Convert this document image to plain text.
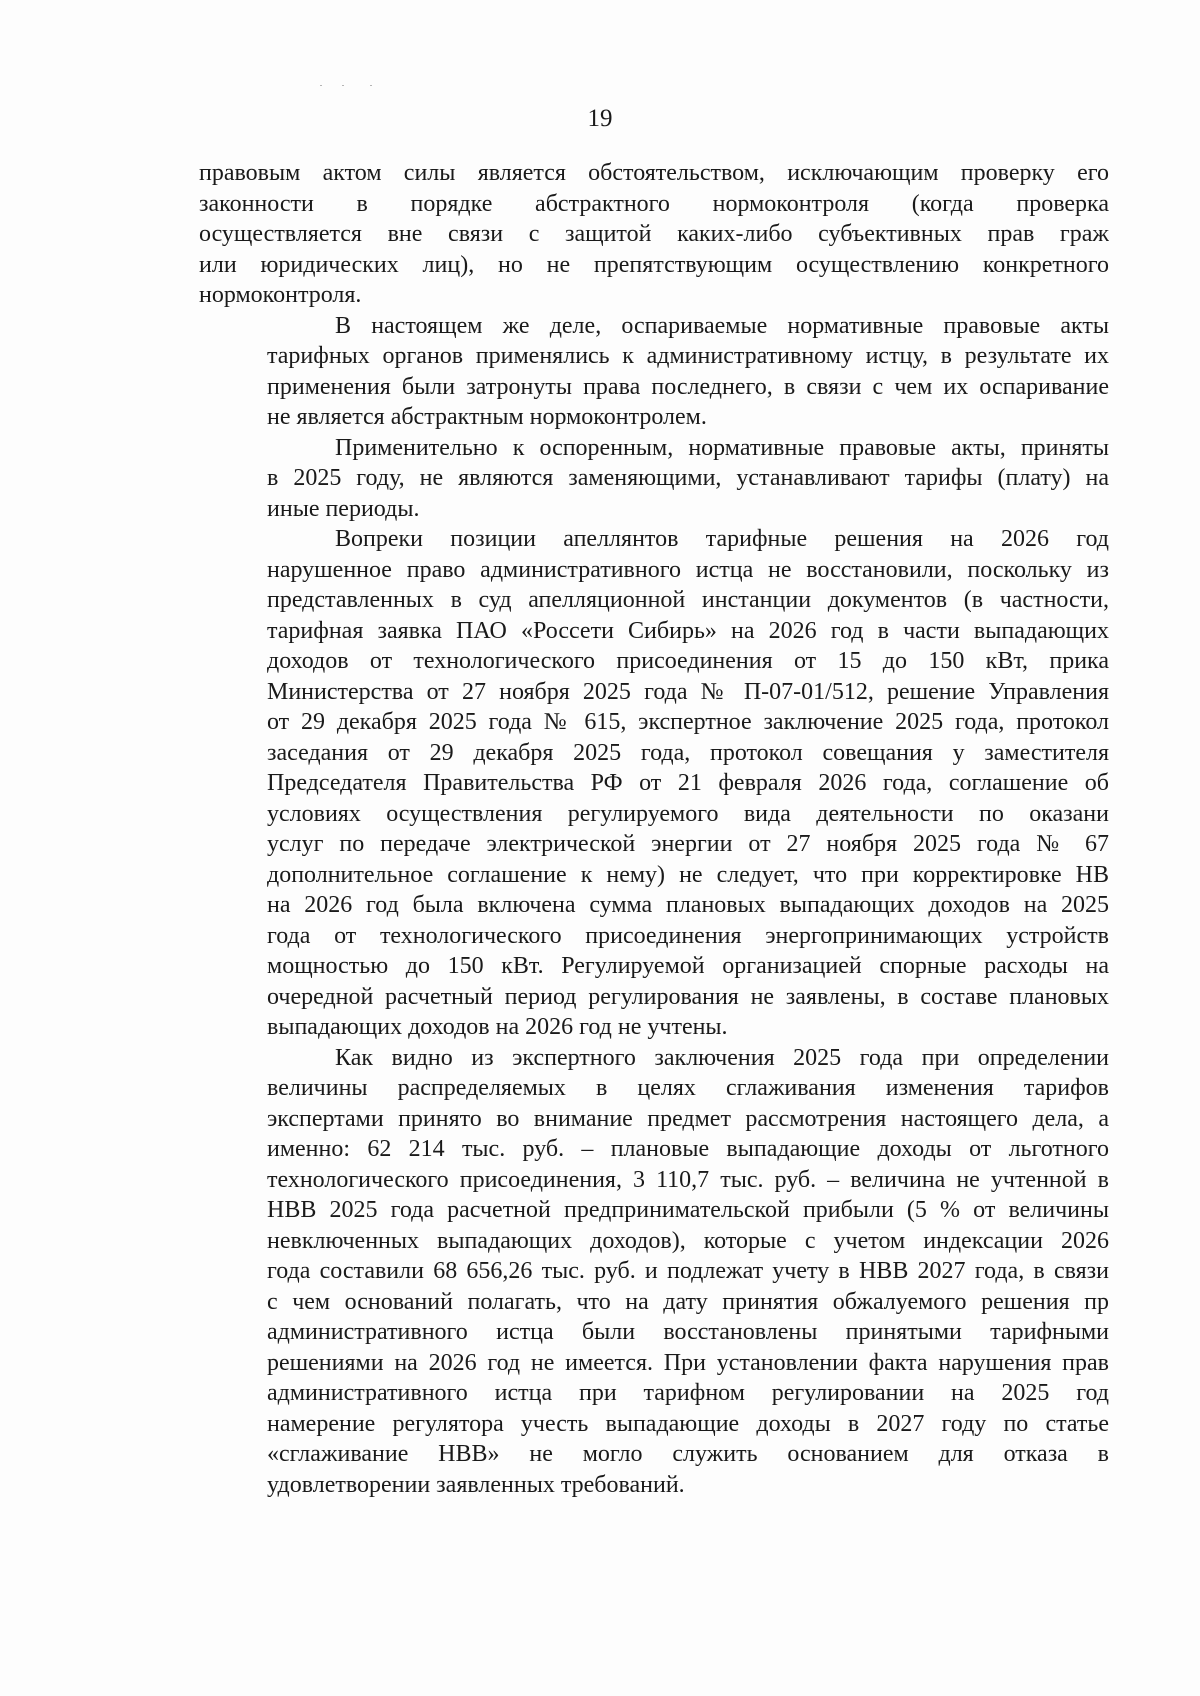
19
правовым актом силы является обстоятельством, исключающим проверку его
законности в порядке абстрактного нормоконтроля (когда проверка
осуществляется вне связи с защитой каких-либо субъективных прав граж
или юридических лиц), но не препятствующим осуществлению конкретного
нормоконтроля.
В настоящем же деле, оспариваемые нормативные правовые акты
тарифных органов применялись к административному истцу, в результате их
применения были затронуты права последнего, в связи с чем их оспаривание
не является абстрактным нормоконтролем.
Применительно к оспоренным, нормативные правовые акты, приняты
в 2025 году, не являются заменяющими, устанавливают тарифы (плату) на
иные периоды.
Вопреки позиции апеллянтов тарифные решения на 2026 год
нарушенное право административного истца не восстановили, поскольку из
представленных в суд апелляционной инстанции документов (в частности,
тарифная заявка ПАО «Россети Сибирь» на 2026 год в части выпадающих
доходов от технологического присоединения от 15 до 150 кВт, прика
Министерства от 27 ноября 2025 года № П-07-01/512, решение Управления
от 29 декабря 2025 года № 615, экспертное заключение 2025 года, протокол
заседания от 29 декабря 2025 года, протокол совещания у заместителя
Председателя Правительства РФ от 21 февраля 2026 года, соглашение об
условиях осуществления регулируемого вида деятельности по оказани
услуг по передаче электрической энергии от 27 ноября 2025 года № 67
дополнительное соглашение к нему) не следует, что при корректировке НВ
на 2026 год была включена сумма плановых выпадающих доходов на 2025
года от технологического присоединения энергопринимающих устройств
мощностью до 150 кВт. Регулируемой организацией спорные расходы на
очередной расчетный период регулирования не заявлены, в составе плановых
выпадающих доходов на 2026 год не учтены.
Как видно из экспертного заключения 2025 года при определении
величины распределяемых в целях сглаживания изменения тарифов
экспертами принято во внимание предмет рассмотрения настоящего дела, а
именно: 62 214 тыс. руб. – плановые выпадающие доходы от льготного
технологического присоединения, 3 110,7 тыс. руб. – величина не учтенной в
НВВ 2025 года расчетной предпринимательской прибыли (5 % от величины
невключенных выпадающих доходов), которые с учетом индексации 2026
года составили 68 656,26 тыс. руб. и подлежат учету в НВВ 2027 года, в связи
с чем оснований полагать, что на дату принятия обжалуемого решения пр
административного истца были восстановлены принятыми тарифными
решениями на 2026 год не имеется. При установлении факта нарушения прав
административного истца при тарифном регулировании на 2025 год
намерение регулятора учесть выпадающие доходы в 2027 году по статье
«сглаживание НВВ» не могло служить основанием для отказа в
удовлетворении заявленных требований.
